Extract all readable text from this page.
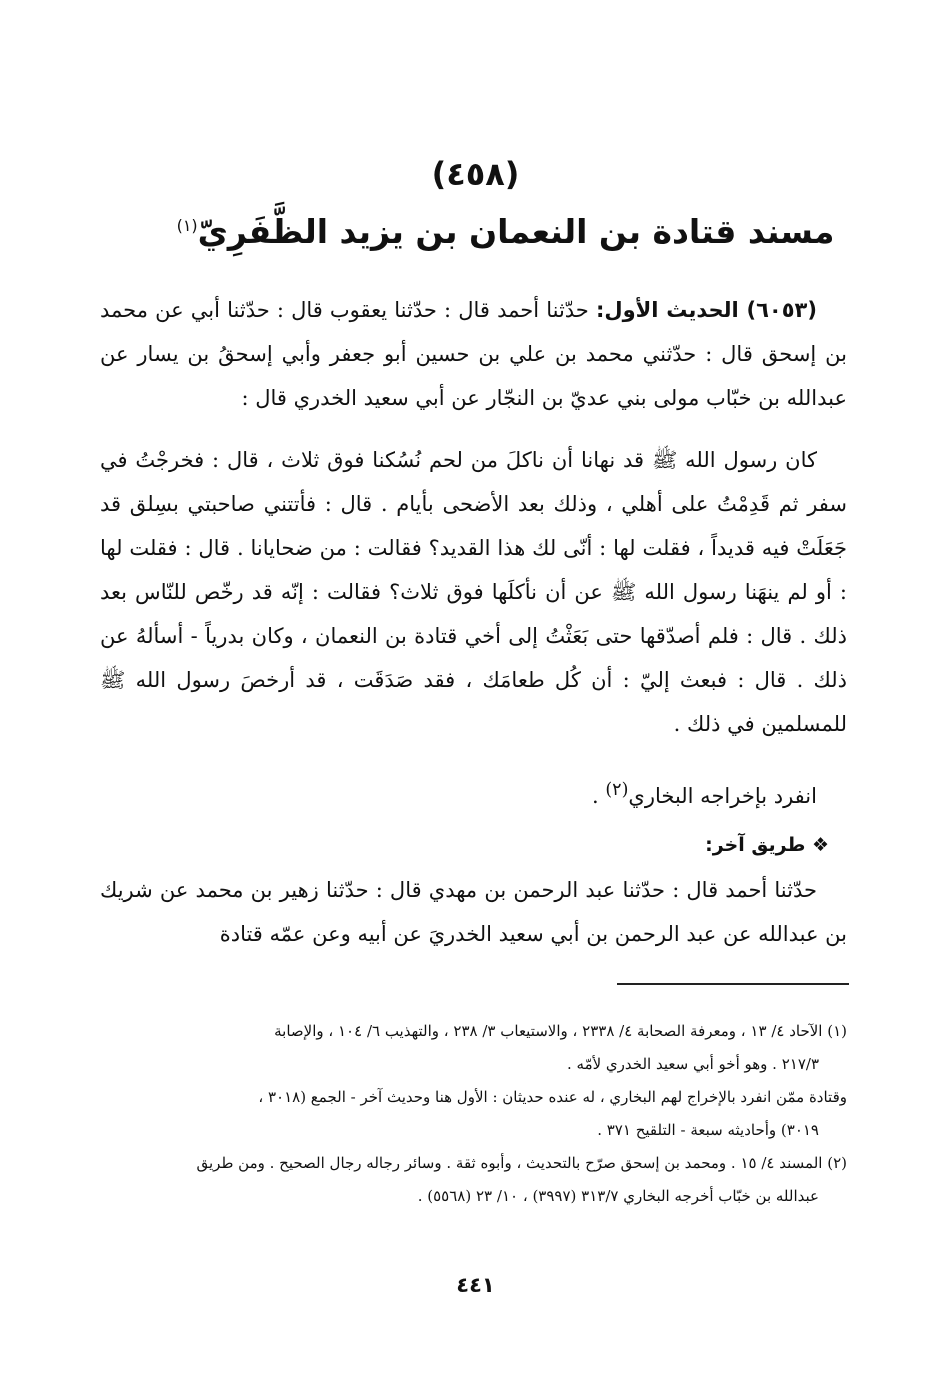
(٤٥٨)
مسند قتادة بن النعمان بن يزيد الظَّفَرِيّ$^{(١)}$

(٦٠٥٣) الحديث الأول: حدّثنا أحمد قال : حدّثنا يعقوب قال : حدّثنا أبي عن محمد بن إسحق قال : حدّثني محمد بن علي بن حسين أبو جعفر وأبي إسحقُ بن يسار عن عبدالله بن خبّاب مولى بني عديّ بن النجّار عن أبي سعيد الخدري قال :

كان رسول الله ﷺ قد نهانا أن ناكلَ من لحم نُسُكنا فوق ثلاث ، قال : فخرجْتُ في سفر ثم قَدِمْتُ على أهلي ، وذلك بعد الأضحى بأيام . قال : فأتتني صاحبتي بسِلق قد جَعَلَتْ فيه قديداً ، فقلت لها : أنّى لك هذا القديد؟ فقالت : من ضحايانا . قال : فقلت لها : أو لم ينهَنا رسول الله ﷺ عن أن نأكلَها فوق ثلاث؟ فقالت : إنّه قد رخّص للنّاس بعد ذلك . قال : فلم أصدّقها حتى بَعَثْتُ إلى أخي قتادة بن النعمان ، وكان بدرياً - أسألهُ عن ذلك . قال : فبعث إليّ : أن كُل طعامَك ، فقد صَدَقَت ، قد أرخصَ رسول الله ﷺ للمسلمين في ذلك .

انفرد بإخراجه البخاري$^{(٢)}$ .
❖ طريق آخر:

حدّثنا أحمد قال : حدّثنا عبد الرحمن بن مهدي قال : حدّثنا زهير بن محمد عن شريك بن عبدالله عن عبد الرحمن بن أبي سعيد الخدريَ عن أبيه وعن عمّه قتادة

(١) الآحاد ٤/ ١٣ ، ومعرفة الصحابة ٤/ ٢٣٣٨ ، والاستيعاب ٣/ ٢٣٨ ، والتهذيب ٦/ ١٠٤ ، والإصابة

٢١٧/٣ . وهو أخو أبي سعيد الخدري لأمّه .

وقتادة ممّن انفرد بالإخراج لهم البخاري ، له عنده حديثان : الأول هنا وحديث آخر - الجمع (٣٠١٨ ،

٣٠١٩) وأحاديثه سبعة - التلقيح ٣٧١ .

(٢) المسند ٤/ ١٥ . ومحمد بن إسحق صرّح بالتحديث ، وأبوه ثقة . وسائر رجاله رجال الصحيح . ومن طريق

عبدالله بن خبّاب أخرجه البخاري ٣١٣/٧ (٣٩٩٧) ، ١٠/ ٢٣ (٥٥٦٨) .

٤٤١
